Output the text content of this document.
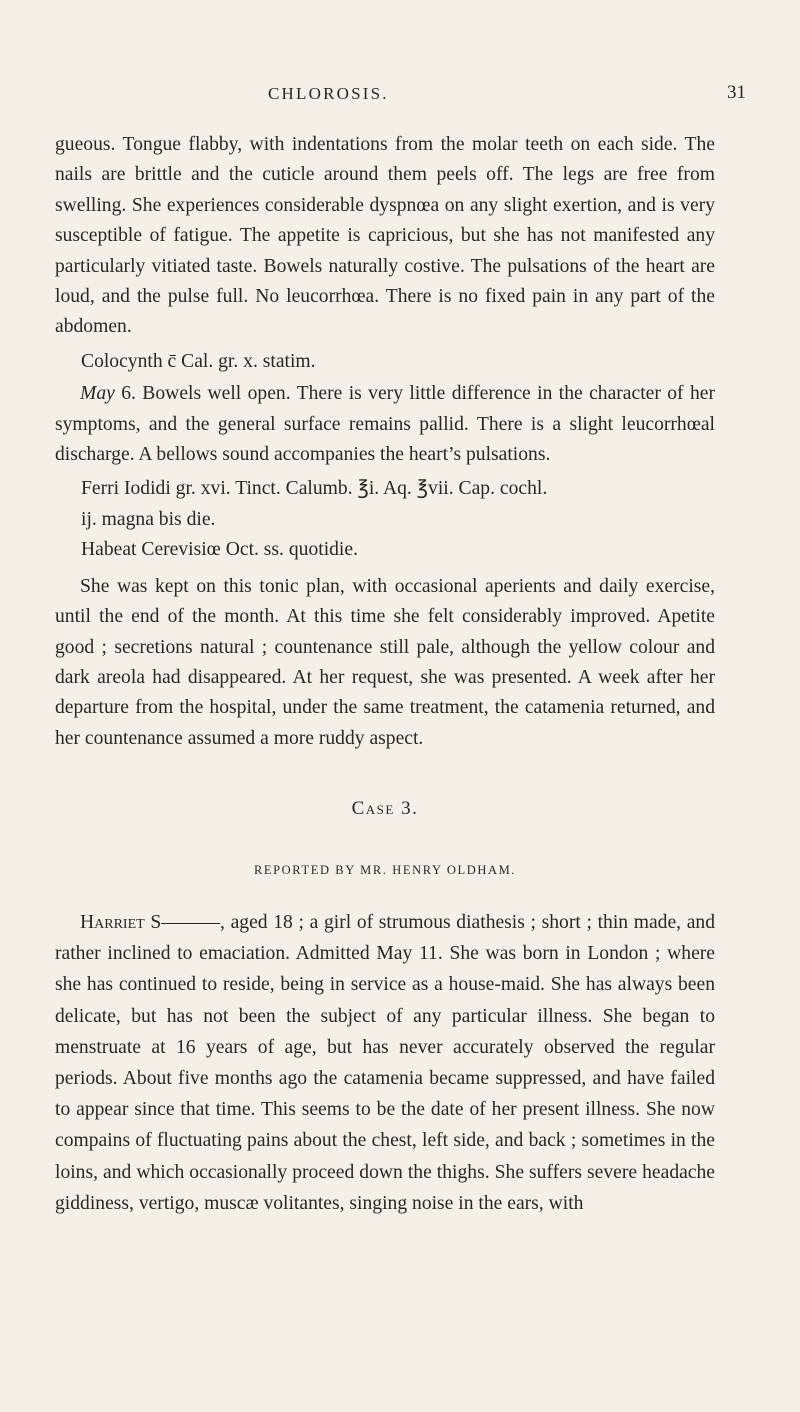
CHLOROSIS.	31

gueous. Tongue flabby, with indentations from the molar teeth on each side. The nails are brittle and the cuticle around them peels off. The legs are free from swelling. She experiences considerable dyspnœa on any slight exertion, and is very susceptible of fatigue. The appetite is capricious, but she has not manifested any particularly vitiated taste. Bowels naturally costive. The pulsations of the heart are loud, and the pulse full. No leucorrhœa. There is no fixed pain in any part of the abdomen.

Colocynth c̄ Cal. gr. x. statim.

May 6. Bowels well open. There is very little difference in the character of her symptoms, and the general surface remains pallid. There is a slight leucorrhœal discharge. A bellows sound accompanies the heart’s pulsations.

Ferri Iodidi gr. xvi. Tinct. Calumb. ℥i. Aq. ℥vii. Cap. cochl.

ij. magna bis die.

Habeat Cerevisiœ Oct. ss. quotidie.

She was kept on this tonic plan, with occasional aperients and daily exercise, until the end of the month. At this time she felt considerably improved. Apetite good ; secretions natural ; countenance still pale, although the yellow colour and dark areola had disappeared. At her request, she was presented. A week after her departure from the hospital, under the same treatment, the catamenia returned, and her countenance assumed a more ruddy aspect.

Case 3.
REPORTED BY MR. HENRY OLDHAM.

Harriet S———, aged 18 ; a girl of strumous diathesis ; short ; thin made, and rather inclined to emaciation. Admitted May 11. She was born in London ; where she has continued to reside, being in service as a house-maid. She has always been delicate, but has not been the subject of any particular illness. She began to menstruate at 16 years of age, but has never accurately observed the regular periods. About five months ago the catamenia became suppressed, and have failed to appear since that time. This seems to be the date of her present illness. She now compains of fluctuating pains about the chest, left side, and back ; sometimes in the loins, and which occasionally proceed down the thighs. She suffers severe headache giddiness, vertigo, muscæ volitantes, singing noise in the ears, with
